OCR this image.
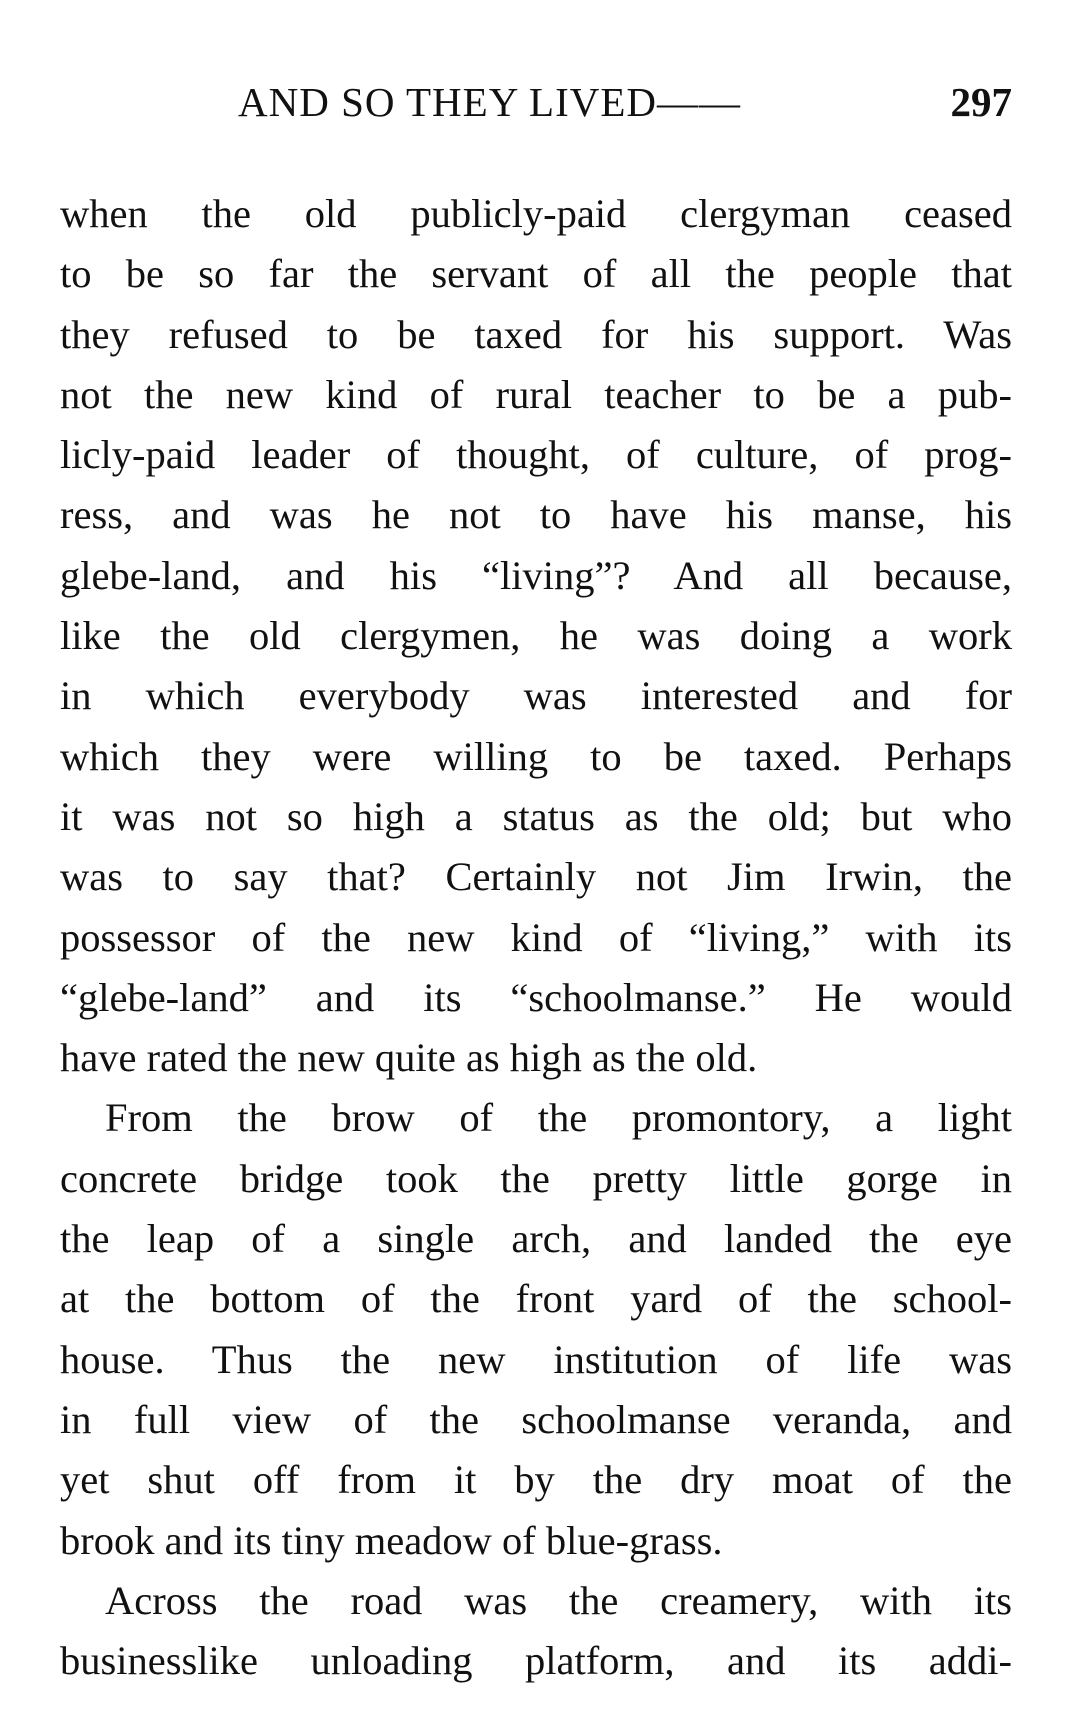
AND SO THEY LIVED——	297
when the old publicly-paid clergyman ceased
to be so far the servant of all the people that
they refused to be taxed for his support. Was
not the new kind of rural teacher to be a pub-
licly-paid leader of thought, of culture, of prog-
ress, and was he not to have his manse, his
glebe-land, and his “living”? And all because,
like the old clergymen, he was doing a work
in which everybody was interested and for
which they were willing to be taxed. Perhaps
it was not so high a status as the old; but who
was to say that? Certainly not Jim Irwin, the
possessor of the new kind of “living,” with its
“glebe-land” and its “schoolmanse.” He would
have rated the new quite as high as the old.
From the brow of the promontory, a light
concrete bridge took the pretty little gorge in
the leap of a single arch, and landed the eye
at the bottom of the front yard of the school-
house. Thus the new institution of life was
in full view of the schoolmanse veranda, and
yet shut off from it by the dry moat of the
brook and its tiny meadow of blue-grass.
Across the road was the creamery, with its
businesslike unloading platform, and its addi-
